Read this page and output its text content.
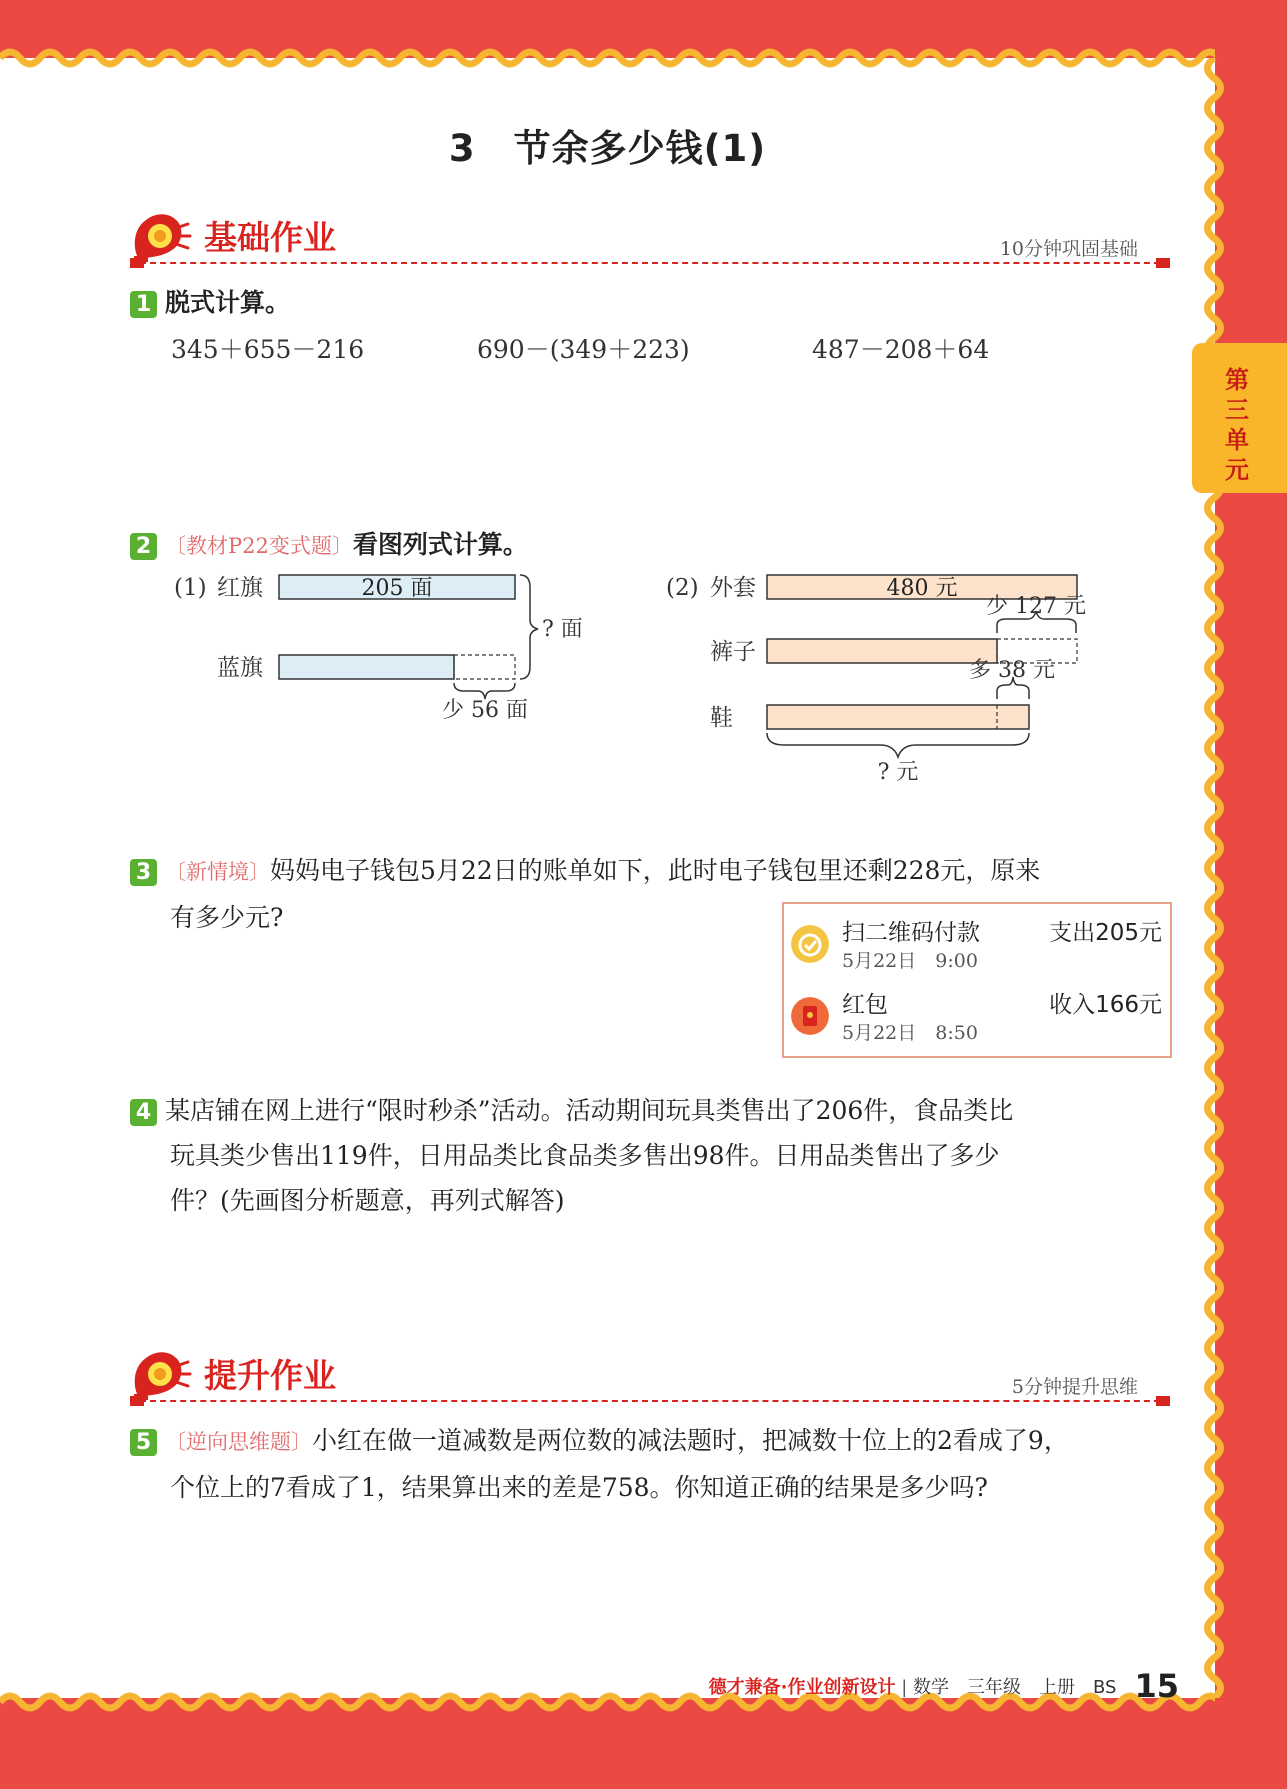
第三单元
3　节余多少钱(1)
基础作业	10分钟巩固基础
1 脱式计算。
345＋655－216	690－(349＋223)	487－208＋64
2 〔教材P22变式题〕看图列式计算。
(1) 红旗	205 面
蓝旗
? 面
少 56 面
(2) 外套	480 元
少 127 元
裤子
多 38 元
鞋
? 元
3 〔新情境〕妈妈电子钱包5月22日的账单如下，此时电子钱包里还剩228元，原来
有多少元?
扫二维码付款	支出205元
5月22日　9:00
红包	收入166元
5月22日　8:50
4 某店铺在网上进行“限时秒杀”活动。活动期间玩具类售出了206件，食品类比
玩具类少售出119件，日用品类比食品类多售出98件。日用品类售出了多少
件？(先画图分析题意，再列式解答)
提升作业	5分钟提升思维
5 〔逆向思维题〕小红在做一道减数是两位数的减法题时，把减数十位上的2看成了9，
个位上的7看成了1，结果算出来的差是758。你知道正确的结果是多少吗?
德才兼备·作业创新设计 | 数学　三年级　上册　BS 15
